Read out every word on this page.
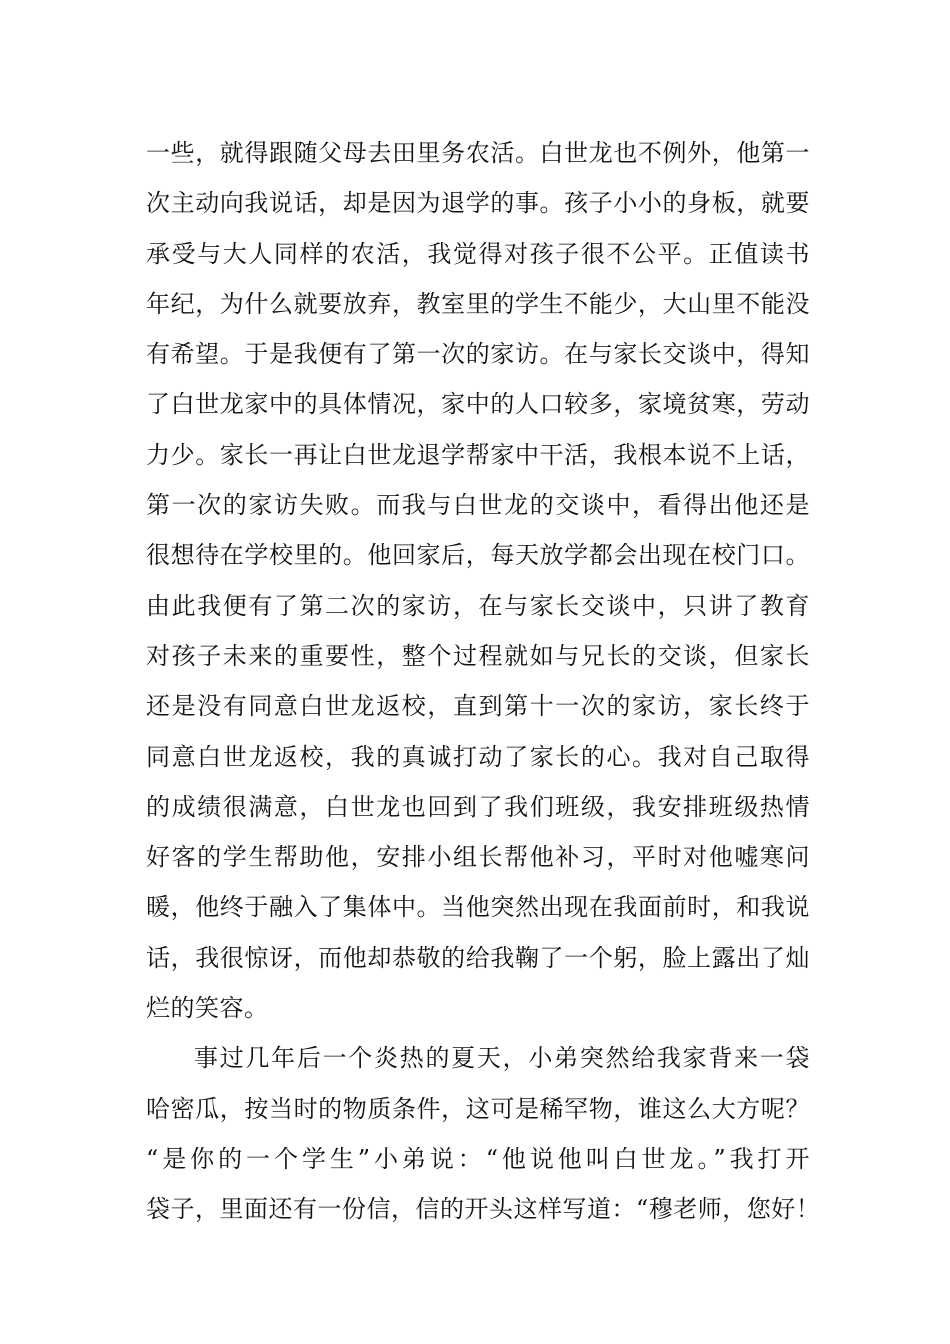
一些，就得跟随父母去田里务农活。白世龙也不例外，他第一
次主动向我说话，却是因为退学的事。孩子小小的身板，就要
承受与大人同样的农活，我觉得对孩子很不公平。正值读书
年纪，为什么就要放弃，教室里的学生不能少，大山里不能没
有希望。于是我便有了第一次的家访。在与家长交谈中，得知
了白世龙家中的具体情况，家中的人口较多，家境贫寒，劳动
力少。家长一再让白世龙退学帮家中干活，我根本说不上话，
第一次的家访失败。而我与白世龙的交谈中，看得出他还是
很想待在学校里的。他回家后，每天放学都会出现在校门口。
由此我便有了第二次的家访，在与家长交谈中，只讲了教育
对孩子未来的重要性，整个过程就如与兄长的交谈，但家长
还是没有同意白世龙返校，直到第十一次的家访，家长终于
同意白世龙返校，我的真诚打动了家长的心。我对自己取得
的成绩很满意，白世龙也回到了我们班级，我安排班级热情
好客的学生帮助他，安排小组长帮他补习，平时对他嘘寒问
暖，他终于融入了集体中。当他突然出现在我面前时，和我说
话，我很惊讶，而他却恭敬的给我鞠了一个躬，脸上露出了灿
烂的笑容。
事过几年后一个炎热的夏天，小弟突然给我家背来一袋
哈密瓜，按当时的物质条件，这可是稀罕物，谁这么大方呢？
“是你的一个学生”小弟说：“他说他叫白世龙。”我打开
袋子，里面还有一份信，信的开头这样写道：“穆老师，您好！
